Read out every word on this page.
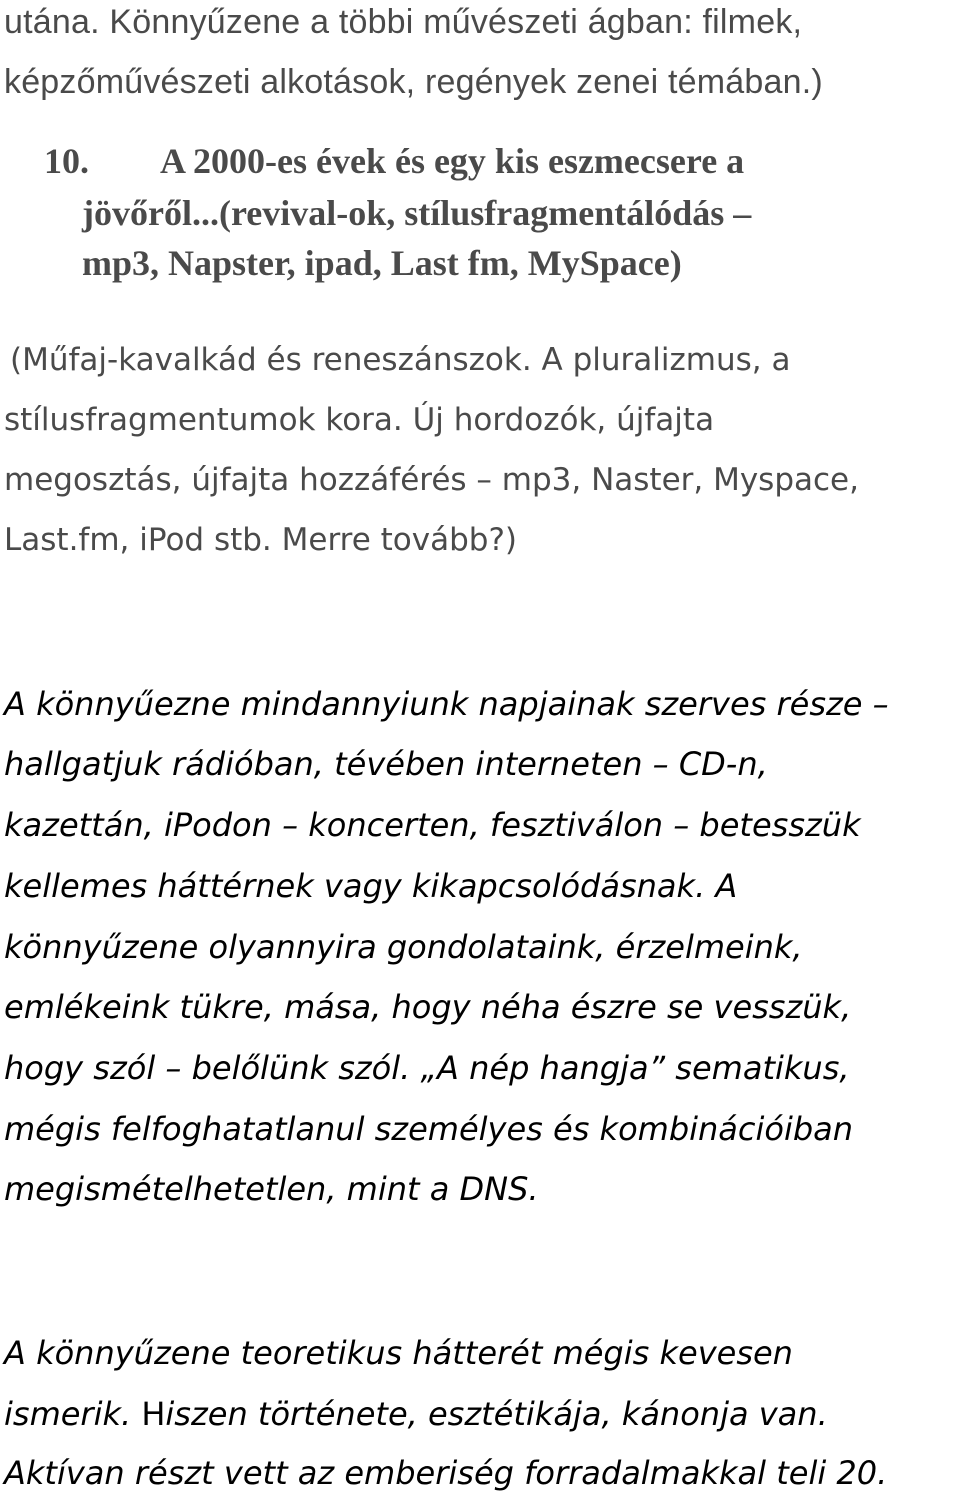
utána. Könnyűzene a többi művészeti ágban: filmek,

képzőművészeti alkotások, regények zenei témában.)

10. A 2000-es évek és egy kis eszmecsere a
jövőről...(revival-ok, stílusfragmentálódás –
mp3, Napster, ipad, Last fm, MySpace)

(Műfaj-kavalkád és reneszánszok. A pluralizmus, a

stílusfragmentumok kora. Új hordozók, újfajta

megosztás, újfajta hozzáférés – mp3, Naster, Myspace,

Last.fm, iPod stb. Merre tovább?)

A könnyűezne mindannyiunk napjainak szerves része –

hallgatjuk rádióban, tévében interneten – CD-n,

kazettán, iPodon – koncerten, fesztiválon – betesszük

kellemes háttérnek vagy kikapcsolódásnak. A

könnyűzene olyannyira gondolataink, érzelmeink,

emlékeink tükre, mása, hogy néha észre se vesszük,

hogy szól – belőlünk szól. „A nép hangja” sematikus,

mégis felfoghatatlanul személyes és kombinációiban

megismételhetetlen, mint a DNS.

A könnyűzene teoretikus hátterét mégis kevesen

ismerik. Hiszen története, esztétikája, kánonja van.

Aktívan részt vett az emberiség forradalmakkal teli 20.
